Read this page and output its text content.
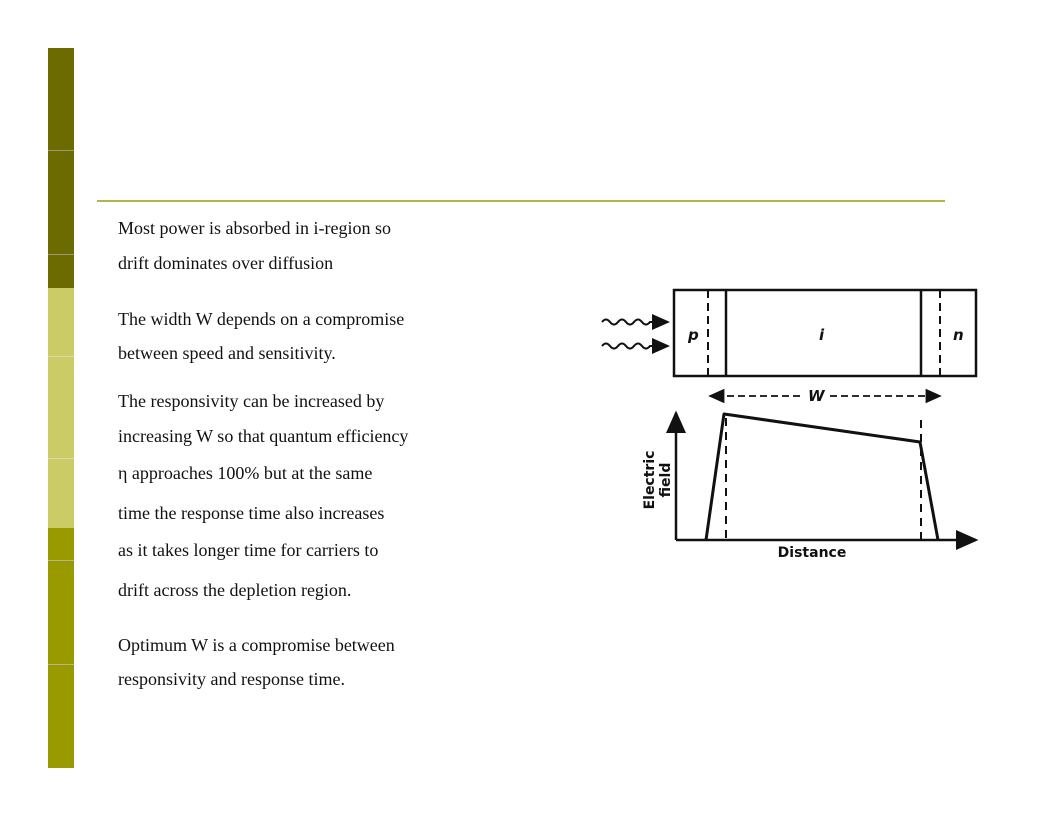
Most power is absorbed in i-region so
drift dominates over diffusion
The width W depends on a compromise
between speed and sensitivity.
The responsivity can be increased by
increasing W so that quantum efficiency
η approaches 100% but at the same
time the response time also increases
as it takes longer time for carriers to
drift across the depletion region.
Optimum W is a compromise between
responsivity and response time.
p	i	n
W
Electric field
Distance
